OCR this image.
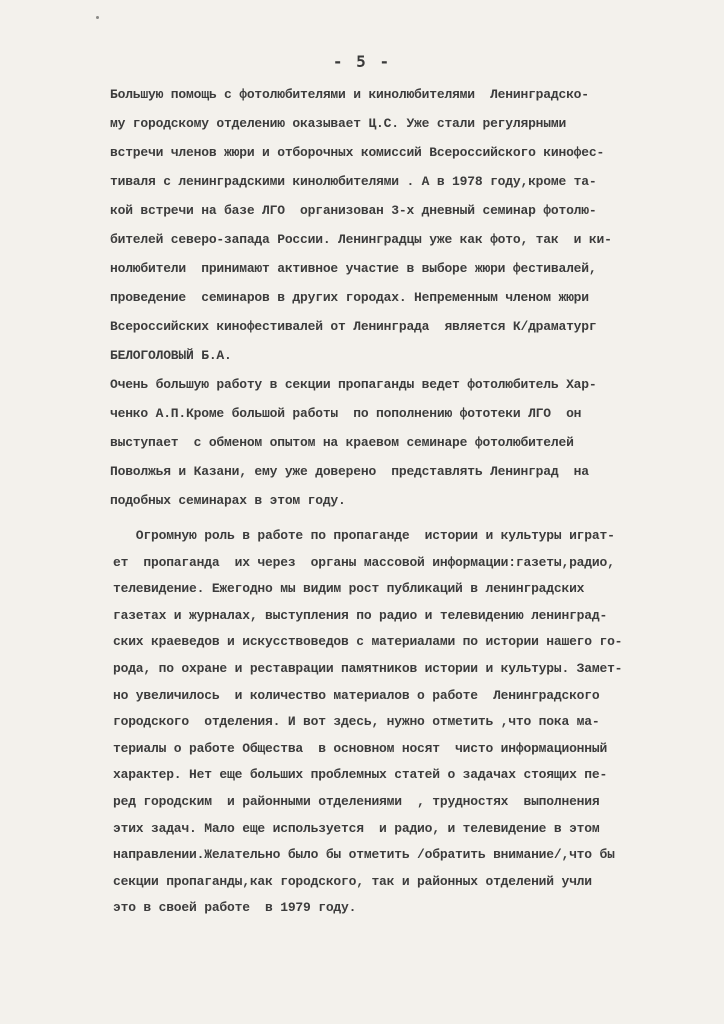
- 5 -
Большую помощь с фотолюбителями и кинолюбителями  Ленинградско-
му городскому отделению оказывает Ц.С. Уже стали регулярными
встречи членов жюри и отборочных комиссий Всероссийского кинофес-
тиваля с ленинградскими кинолюбителями . А в 1978 году,кроме та-
кой встречи на базе ЛГО  организован 3-х дневный семинар фотолю-
бителей северо-запада России. Ленинградцы уже как фото, так  и ки-
нолюбители  принимают активное участие в выборе жюри фестивалей,
проведение  семинаров в других городах. Непременным членом жюри
Всероссийских кинофестивалей от Ленинграда  является К/драматург
БЕЛОГОЛОВЫЙ Б.А.
Очень большую работу в секции пропаганды ведет фотолюбитель Хар-
ченко А.П.Кроме большой работы  по пополнению фототеки ЛГО  он
выступает  с обменом опытом на краевом семинаре фотолюбителей
Поволжья и Казани, ему уже доверено  представлять Ленинград  на
подобных семинарах в этом году.
Огромную роль в работе по пропаганде  истории и культуры играт-
ет  пропаганда  их через  органы массовой информации:газеты,радио,
телевидение. Ежегодно мы видим рост публикаций в ленинградских
газетах и журналах, выступления по радио и телевидению ленинград-
ских краеведов и искусствоведов с материалами по истории нашего го-
рода, по охране и реставрации памятников истории и культуры. Замет-
но увеличилось  и количество материалов о работе  Ленинградского
городского  отделения. И вот здесь, нужно отметить ,что пока ма-
териалы о работе Общества  в основном носят  чисто информационный
характер. Нет еще больших проблемных статей о задачах стоящих пе-
ред городским  и районными отделениями  , трудностях  выполнения
этих задач. Мало еще используется  и радио, и телевидение в этом
направлении.Желательно было бы отметить /обратить внимание/,что бы
секции пропаганды,как городского, так и районных отделений учли
это в своей работе  в 1979 году.
